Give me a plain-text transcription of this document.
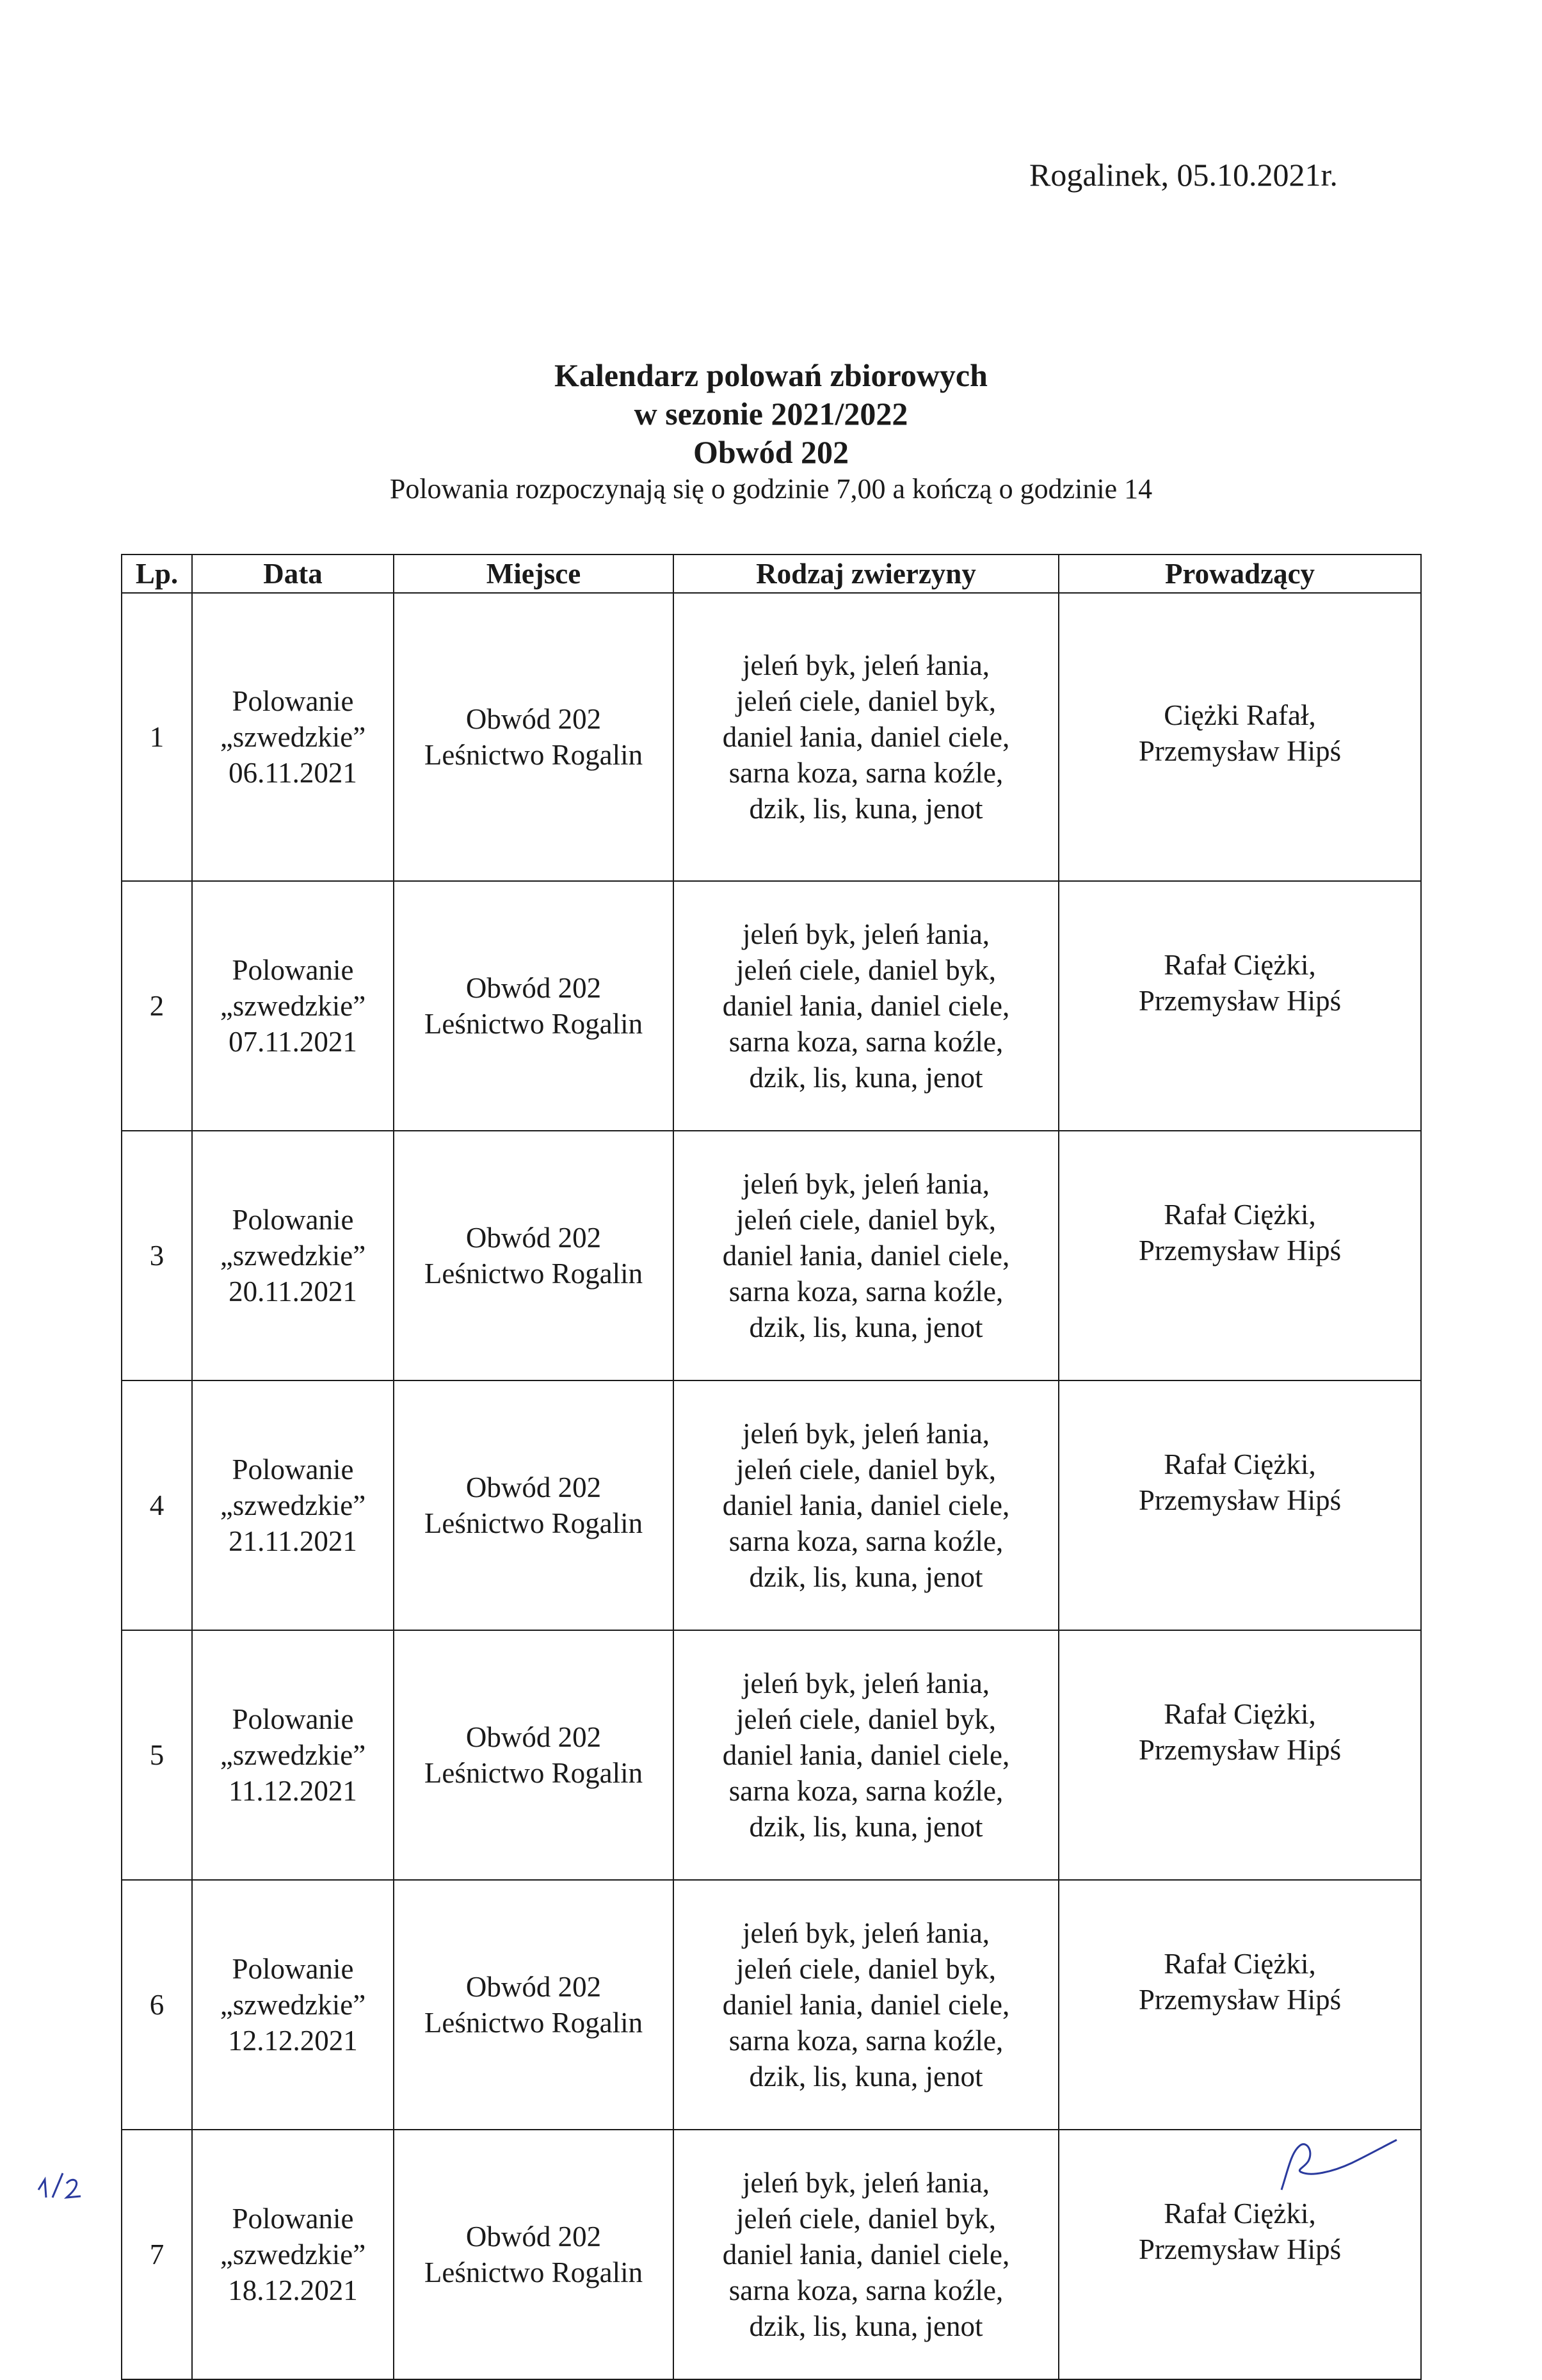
Rogalinek, 05.10.2021r.
Kalendarz polowań zbiorowych
w sezonie 2021/2022
Obwód 202
Polowania rozpoczynają się o godzinie 7,00 a kończą o godzinie 14
Lp.	Data	Miejsce	Rodzaj zwierzyny	Prowadzący
1	Polowanie
„szwedzkie”
06.11.2021	Obwód 202
Leśnictwo Rogalin	jeleń byk, jeleń łania,
jeleń ciele, daniel byk,
daniel łania, daniel ciele,
sarna koza, sarna koźle,
dzik, lis, kuna, jenot	Ciężki Rafał,
Przemysław Hipś

2	Polowanie
„szwedzkie”
07.11.2021	Obwód 202
Leśnictwo Rogalin	jeleń byk, jeleń łania,
jeleń ciele, daniel byk,
daniel łania, daniel ciele,
sarna koza, sarna koźle,
dzik, lis, kuna, jenot	Rafał Ciężki,
Przemysław Hipś

3	Polowanie
„szwedzkie”
20.11.2021	Obwód 202
Leśnictwo Rogalin	jeleń byk, jeleń łania,
jeleń ciele, daniel byk,
daniel łania, daniel ciele,
sarna koza, sarna koźle,
dzik, lis, kuna, jenot	Rafał Ciężki,
Przemysław Hipś

4	Polowanie
„szwedzkie”
21.11.2021	Obwód 202
Leśnictwo Rogalin	jeleń byk, jeleń łania,
jeleń ciele, daniel byk,
daniel łania, daniel ciele,
sarna koza, sarna koźle,
dzik, lis, kuna, jenot	Rafał Ciężki,
Przemysław Hipś

5	Polowanie
„szwedzkie”
11.12.2021	Obwód 202
Leśnictwo Rogalin	jeleń byk, jeleń łania,
jeleń ciele, daniel byk,
daniel łania, daniel ciele,
sarna koza, sarna koźle,
dzik, lis, kuna, jenot	Rafał Ciężki,
Przemysław Hipś

6	Polowanie
„szwedzkie”
12.12.2021	Obwód 202
Leśnictwo Rogalin	jeleń byk, jeleń łania,
jeleń ciele, daniel byk,
daniel łania, daniel ciele,
sarna koza, sarna koźle,
dzik, lis, kuna, jenot	Rafał Ciężki,
Przemysław Hipś

7	Polowanie
„szwedzkie”
18.12.2021	Obwód 202
Leśnictwo Rogalin	jeleń byk, jeleń łania,
jeleń ciele, daniel byk,
daniel łania, daniel ciele,
sarna koza, sarna koźle,
dzik, lis, kuna, jenot	Rafał Ciężki,
Przemysław Hipś
